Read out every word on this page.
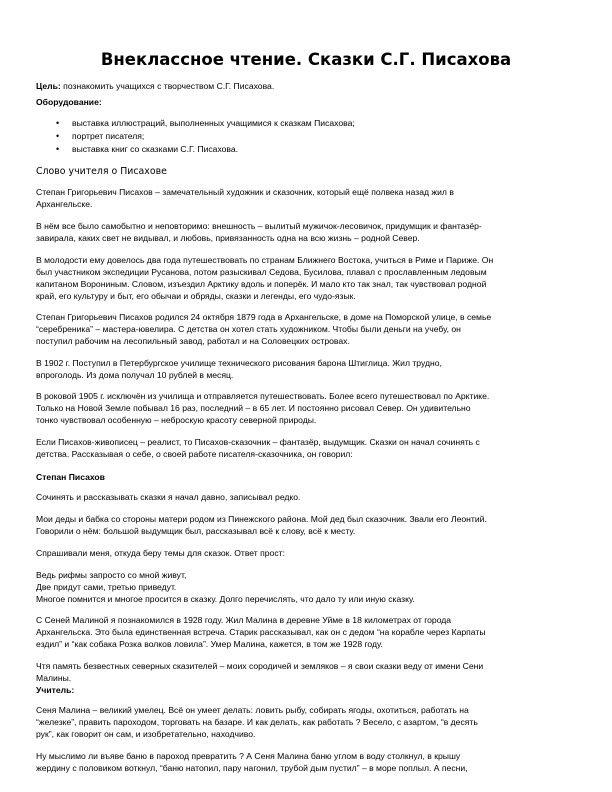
Внеклассное чтение. Сказки С.Г. Писахова
Цель: познакомить учащихся с творчеством С.Г. Писахова.
Оборудование:
• выставка иллюстраций, выполненных учащимися к сказкам Писахова;
• портрет писателя;
• выставка книг со сказками С.Г. Писахова.
Слово учителя о Писахове
Степан Григорьевич Писахов – замечательный художник и сказочник, который ещё полвека назад жил в
Архангельске.
В нём все было самобытно и неповторимо: внешность – вылитый мужичок-лесовичок, придумщик и фантазёр-
завирала, каких свет не видывал, и любовь, привязанность одна на всю жизнь – родной Север.
В молодости ему довелось два года путешествовать по странам Ближнего Востока, учиться в Риме и Париже. Он
был участником экспедиции Русанова, потом разыскивал Седова, Бусилова, плавал с прославленным ледовым
капитаном Ворониным. Словом, изъездил Арктику вдоль и поперёк. И мало кто так знал, так чувствовал родной
край, его культуру и быт, его обычаи и обряды, сказки и легенды, его чудо-язык.
Степан Григорьевич Писахов родился 24 октября 1879 года в Архангельске, в доме на Поморской улице, в семье
“серебреника” – мастера-ювелира. С детства он хотел стать художником. Чтобы были деньги на учебу, он
поступил рабочим на лесопильный завод, работал и на Соловецких островах.
В 1902 г. Поступил в Петербургское училище технического рисования барона Штиглица. Жил трудно,
впроголодь. Из дома получал 10 рублей в месяц.
В роковой 1905 г. исключён из училища и отправляется путешествовать. Более всего путешествовал по Арктике.
Только на Новой Земле побывал 16 раз, последний – в 65 лет. И постоянно рисовал Север. Он удивительно
тонко чувствовал особенную – неброскую красоту северной природы.
Если Писахов-живописец – реалист, то Писахов-сказочник – фантазёр, выдумщик. Сказки он начал сочинять с
детства. Рассказывая о себе, о своей работе писателя-сказочника, он говорил:
Степан Писахов
Сочинять и рассказывать сказки я начал давно, записывал редко.
Мои деды и бабка со стороны матери родом из Пинежского района. Мой дед был сказочник. Звали его Леонтий.
Говорили о нём: большой выдумщик был, рассказывал всё к слову, всё к месту.
Спрашивали меня, откуда беру темы для сказок. Ответ прост:
Ведь рифмы запросто со мной живут,
Две придут сами, третью приведут.
Многое помнится и многое просится в сказку. Долго перечислять, что дало ту или иную сказку.
С Сеней Малиной я познакомился в 1928 году. Жил Малина в деревне Уйме в 18 километрах от города
Архангельска. Это была единственная встреча. Старик рассказывал, как он с дедом “на корабле через Карпаты
ездил” и “как собака Розка волков ловила”. Умер Малина, кажется, в том же 1928 году.
Чтя память безвестных северных сказителей – моих сородичей и земляков – я свои сказки веду от имени Сени
Малины.
Учитель:
Сеня Малина – великий умелец. Всё он умеет делать: ловить рыбу, собирать ягоды, охотиться, работать на
“железке”, править пароходом, торговать на базаре. И как делать, как работать ? Весело, с азартом, “в десять
рук”, как говорит он сам, и изобретательно, находчиво.
Ну мыслимо ли въяве баню в пароход превратить ? А Сеня Малина баню углом в воду столкнул, в крышу
жердину с половиком воткнул, “баню натопил, пару нагонил, трубой дым пустил” – в море поплыл. А песни,
